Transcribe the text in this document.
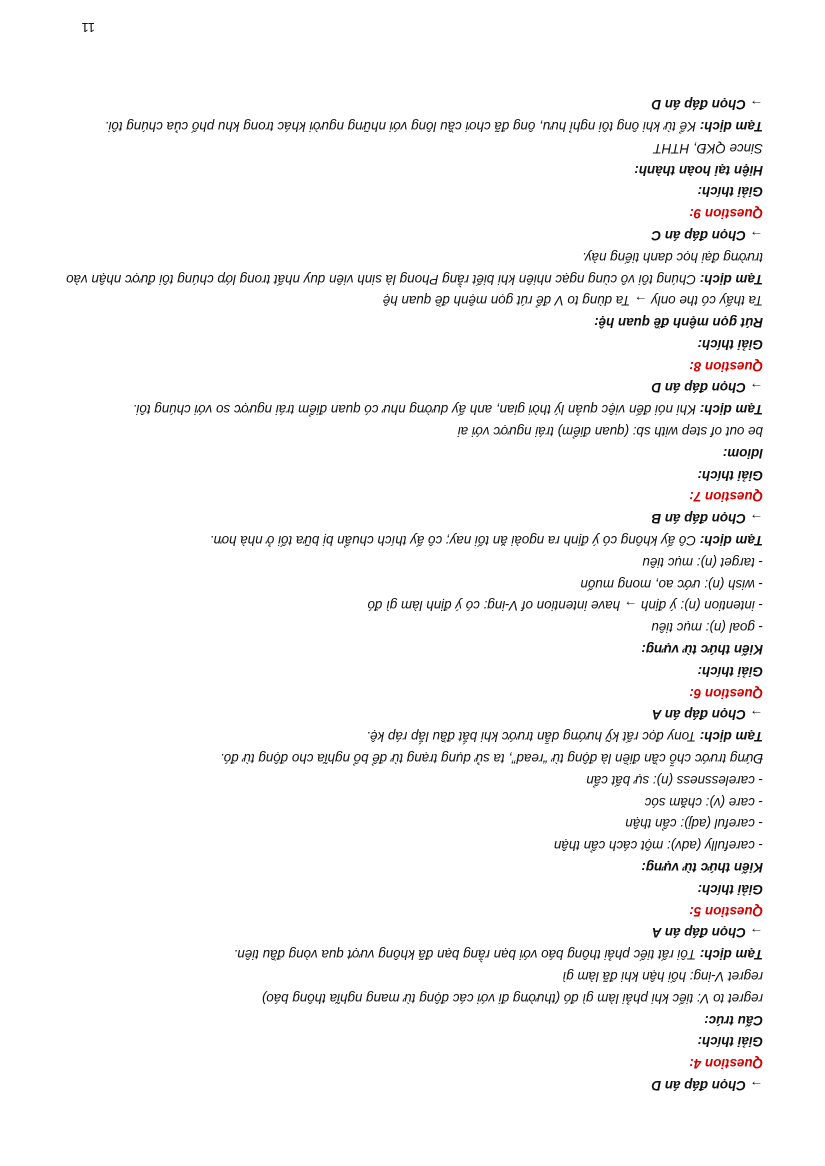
→ Chọn đáp án D

Question 4:

Giải thích:

Cấu trúc:

regret to V: tiếc khi phải làm gì đó (thường đi với các động từ mang nghĩa thông báo)

regret V-ing: hối hận khi đã làm gì

Tạm dịch: Tôi rất tiếc phải thông báo với bạn rằng bạn đã không vượt qua vòng đầu tiên.

→ Chọn đáp án A

Question 5:

Giải thích:

Kiến thức từ vựng:

- carefully (adv): một cách cẩn thận

- careful (adj): cẩn thận

- care (v): chăm sóc

- carelessness (n): sự bất cẩn

Đứng trước chỗ cần điền là động từ “read”, ta sử dụng trạng từ để bổ nghĩa cho động từ đó.

Tạm dịch: Tony đọc rất kỹ hướng dẫn trước khi bắt đầu lắp ráp kệ.

→ Chọn đáp án A

Question 6:

Giải thích:

Kiến thức từ vựng:

- goal (n): mục tiêu

- intention (n): ý định → have intention of V-ing: có ý định làm gì đó

- wish (n): ước ao, mong muốn

- target (n): mục tiêu

Tạm dịch: Cô ấy không có ý định ra ngoài ăn tối nay; cô ấy thích chuẩn bị bữa tối ở nhà hơn.

→ Chọn đáp án B

Question 7:

Giải thích:

Idiom:

be out of step with sb: (quan điểm) trái ngược với ai

Tạm dịch: Khi nói đến việc quản lý thời gian, anh ấy dường như có quan điểm trái ngược so với chúng tôi.

→ Chọn đáp án D

Question 8:

Giải thích:

Rút gọn mệnh đề quan hệ:

Ta thấy có the only → Ta dùng to V để rút gọn mệnh đề quan hệ

Tạm dịch: Chúng tôi vô cùng ngạc nhiên khi biết rằng Phong là sinh viên duy nhất trong lớp chúng tôi được nhận vào trường đại học danh tiếng này.

→ Chọn đáp án C

Question 9:

Giải thích:

Hiện tại hoàn thành:

Since QKĐ, HTHT

Tạm dịch: Kể từ khi ông tôi nghỉ hưu, ông đã chơi cầu lông với những người khác trong khu phố của chúng tôi.

→ Chọn đáp án D

11
